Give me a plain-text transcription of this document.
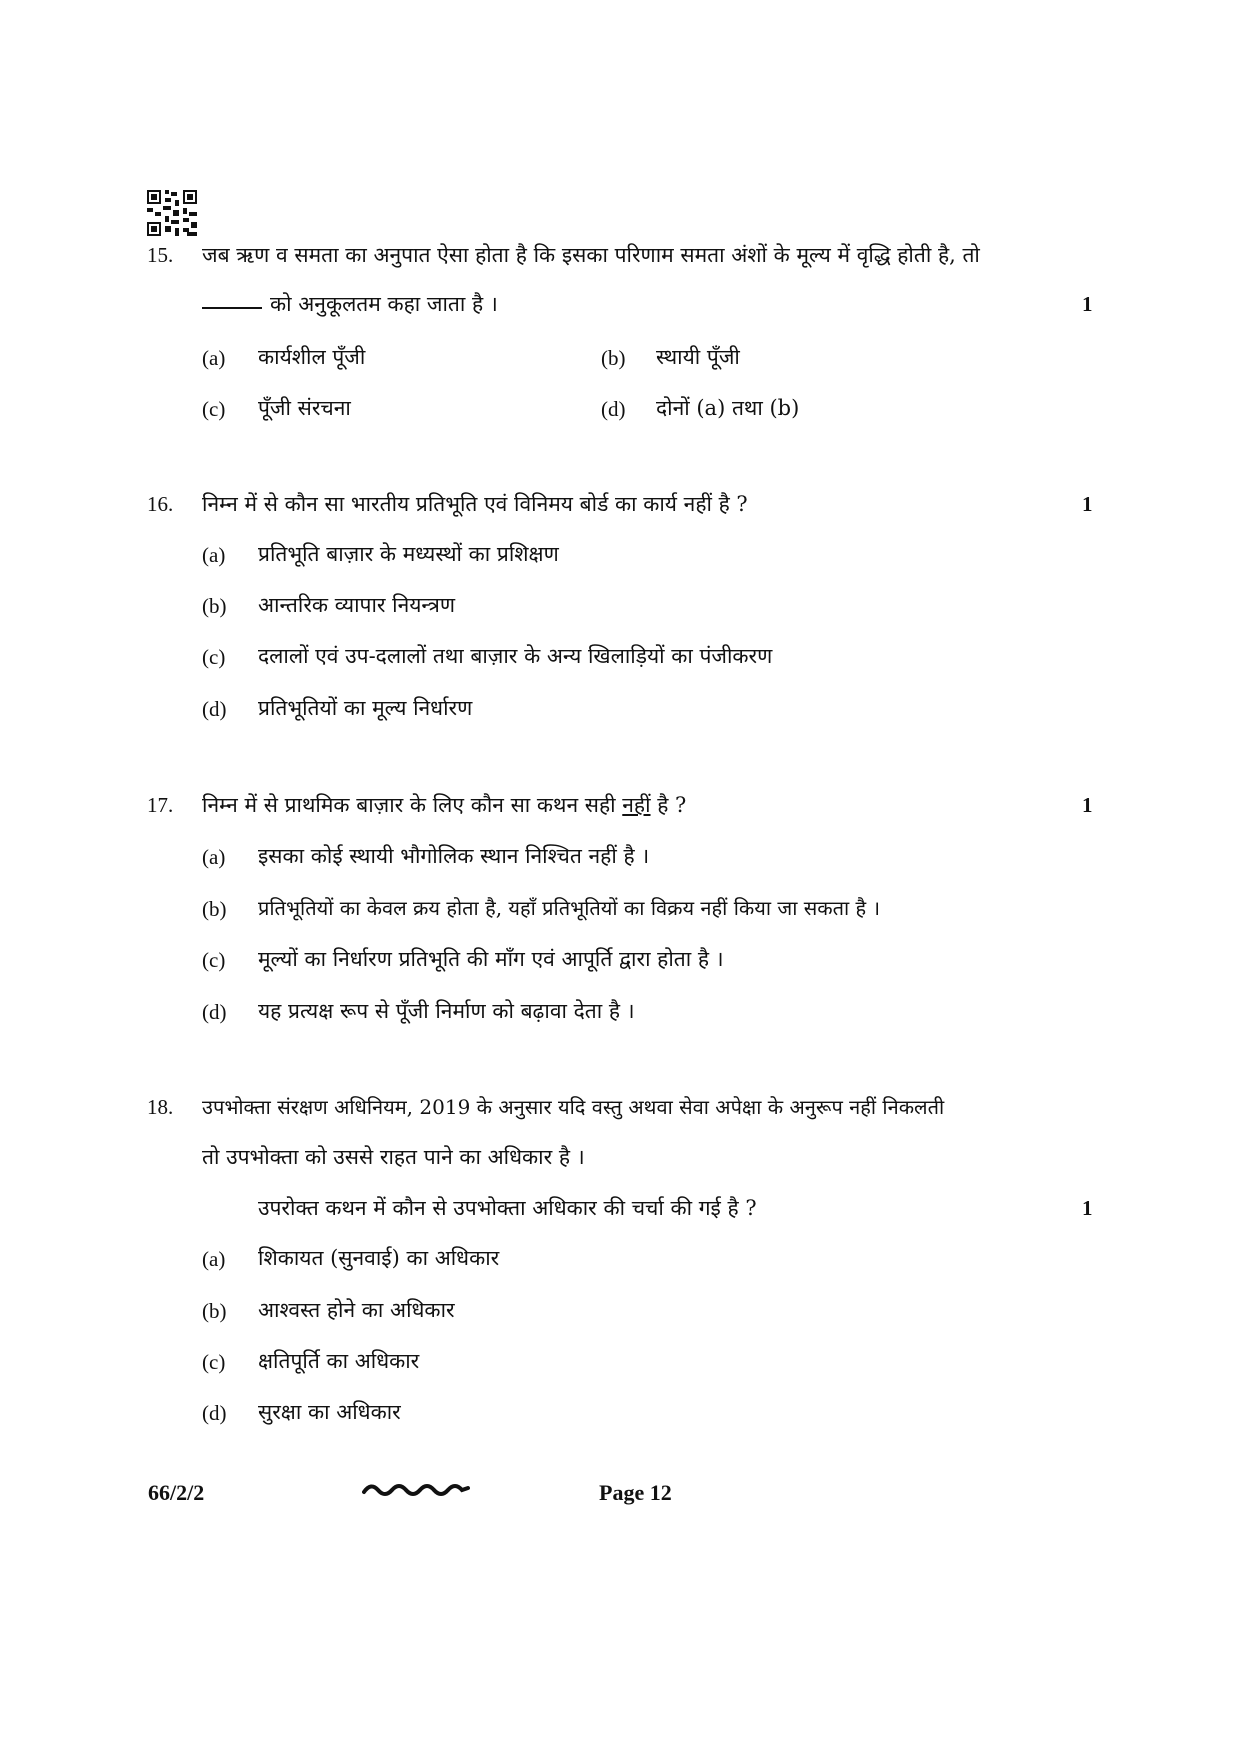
15. जब ऋण व समता का अनुपात ऐसा होता है कि इसका परिणाम समता अंशों के मूल्य में वृद्धि होती है, तो
को अनुकूलतम कहा जाता है ।	1
(a) कार्यशील पूँजी	(b) स्थायी पूँजी
(c) पूँजी संरचना	(d) दोनों (a) तथा (b)
16. निम्न में से कौन सा भारतीय प्रतिभूति एवं विनिमय बोर्ड का कार्य नहीं है ?	1
(a) प्रतिभूति बाज़ार के मध्यस्थों का प्रशिक्षण
(b) आन्तरिक व्यापार नियन्त्रण
(c) दलालों एवं उप-दलालों तथा बाज़ार के अन्य खिलाड़ियों का पंजीकरण
(d) प्रतिभूतियों का मूल्य निर्धारण
17. निम्न में से प्राथमिक बाज़ार के लिए कौन सा कथन सही नहीं है ?	1
(a) इसका कोई स्थायी भौगोलिक स्थान निश्चित नहीं है ।
(b) प्रतिभूतियों का केवल क्रय होता है, यहाँ प्रतिभूतियों का विक्रय नहीं किया जा सकता है ।
(c) मूल्यों का निर्धारण प्रतिभूति की माँग एवं आपूर्ति द्वारा होता है ।
(d) यह प्रत्यक्ष रूप से पूँजी निर्माण को बढ़ावा देता है ।
18. उपभोक्ता संरक्षण अधिनियम, 2019 के अनुसार यदि वस्तु अथवा सेवा अपेक्षा के अनुरूप नहीं निकलती
तो उपभोक्ता को उससे राहत पाने का अधिकार है ।
उपरोक्त कथन में कौन से उपभोक्ता अधिकार की चर्चा की गई है ?	1
(a) शिकायत (सुनवाई) का अधिकार
(b) आश्वस्त होने का अधिकार
(c) क्षतिपूर्ति का अधिकार
(d) सुरक्षा का अधिकार
66/2/2	Page 12
